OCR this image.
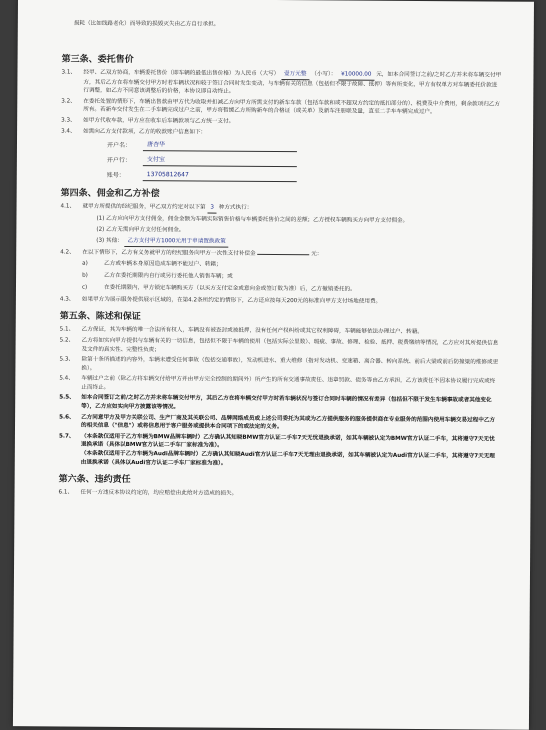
损耗（比如线路老化）而导致的损毁灭失由乙方自行承担。
第三条、委托售价
3.1、	经甲、乙双方协商，车辆委托售价（即车辆的最低出售价格）为人民币（大写） 壹万元整 （小写）： ¥10000.00 元，如本合同签订之前/之时乙方并未将车辆交付甲方，其后乙方在将车辆交付甲方时若车辆状况和较于签订合同时发生变动，与车辆有关的信息（包括但不限于故障、抵押）等有所变化，甲方有权单方对车辆委托价款进行调整，如乙方不同意该调整后的价格，本协议即自动终止。
3.2、	在委托处置的情形下，车辆出售款由甲方代为收取并扣减乙方向甲方所需支付的新车车款（包括车款和或不超双方约定的抵扣部分的）、税费及中介费用，剩余款项归乙方所有。若新车交付发生在二手车辆完成过户之前，甲方将暂缓乙方所购新车的合格证（或关单）及新车注册联及量，直至二手车车辆完成过户。
3.3、	如甲方代收车款，甲方应在收车后车辆款项与乙方统一支付。
3.4、	如需向乙方支付款项，乙方的收款账户信息如下：
开户名：	唐杏华
开户行：	支付宝
账号：	13705812647
第四条、佣金和乙方补偿
4.1、	就甲方所提供的经纪服务，甲乙双方约定对以下第 3 种方式执行：
(1) 乙方应向甲方支付佣金，佣金金额为车辆实际销售价格与车辆委托售价之间的差额；乙方授权车辆购买方向甲方支付佣金。
(2) 乙方无需向甲方支付任何佣金。
(3) 其他： 乙方支付甲方1000元用于申请置换政策
4.2、	在以下情形下，乙方有义务就甲方的经纪服务向甲方一次性支付补偿金	元：
a)	乙方或车辆本身原因造成车辆不能过户、转籍；
b)	乙方在委托期限内自行或另行委托他人销售车辆；或
c)	在委托期限内，甲方锁定车辆购买方（以买方支付定金或意向金或签订数为准）后，乙方撤销委托的。
4.3、	如果甲方为展示服务提供展示区域的，在第4.2条所约定的情形下，乙方还应按每天200元的标准向甲方支付场地使用费。
第五条、陈述和保证
5.1、	乙方保证，其为车辆的唯一合法所有权人，车辆没有被查封或被抵押，没有任何产权纠纷或其它权利障碍，车辆能够依法办理过户、转籍。
5.2、	乙方将如实向甲方提供与车辆有关的一切信息，包括但不限于车辆的使用（包括实际公里数）、瑕疵、事故、修理、检验、抵押、税费缴纳等情况，乙方应对其所提供信息及文件的真实性、完整性负责；
5.3、	除第十条所描述的内容外，车辆未遭受任何事故（包括交通事故），发动机进水、重大维修（指对发动机、变速箱、离合器、转向系统、前后大梁或前后防撞梁的维修或更换）。
5.4、	车辆过户之前（除乙方将车辆交付给甲方并由甲方完全控制的期间外）所产生的所有交通事故责任、违章罚款、债务等由乙方承担，乙方该责任不因本协议履行完成或终止而终止。
5.5、	如本合同签订之前/之时乙方并未将车辆交付甲方，其后乙方在将车辆交付甲方时若车辆状况与签订合同时车辆的情况有差异（包括但不限于发生车辆事故或者其他变化等），乙方应如实向甲方披露该等情况。
5.6、	乙方同意甲方及甲方关联公司、生产厂商及其关联公司、品牌网络成员或上述公司委托为其或为乙方提供服务的服务提供商在专业服务的范围内使用车辆交易过程中乙方的相关信息（"信息"）或将信息用于客户服务或提供本合同项下的或法定的义务。
5.7、	（本条款仅适用于乙方车辆为BMW品牌车辆时）乙方确认其知晓BMW官方认证二手车7天无忧退换承诺，如其车辆被认定为BMW官方认证二手车，其将遵守7天无忧退换承诺（具体以BMW官方认证二手车厂家标准为准）。
（本条款仅适用于乙方车辆为Audi品牌车辆时）乙方确认其知晓Audi官方认证二手车7天无理由退换承诺，如其车辆被认定为Audi官方认证二手车，其将遵守7天无理由退换承诺（具体以Audi官方认证二手车厂家标准为准）。
第六条、违约责任
6.1、	任何一方违反本协议约定的，均应赔偿由此给对方造成的损失。
